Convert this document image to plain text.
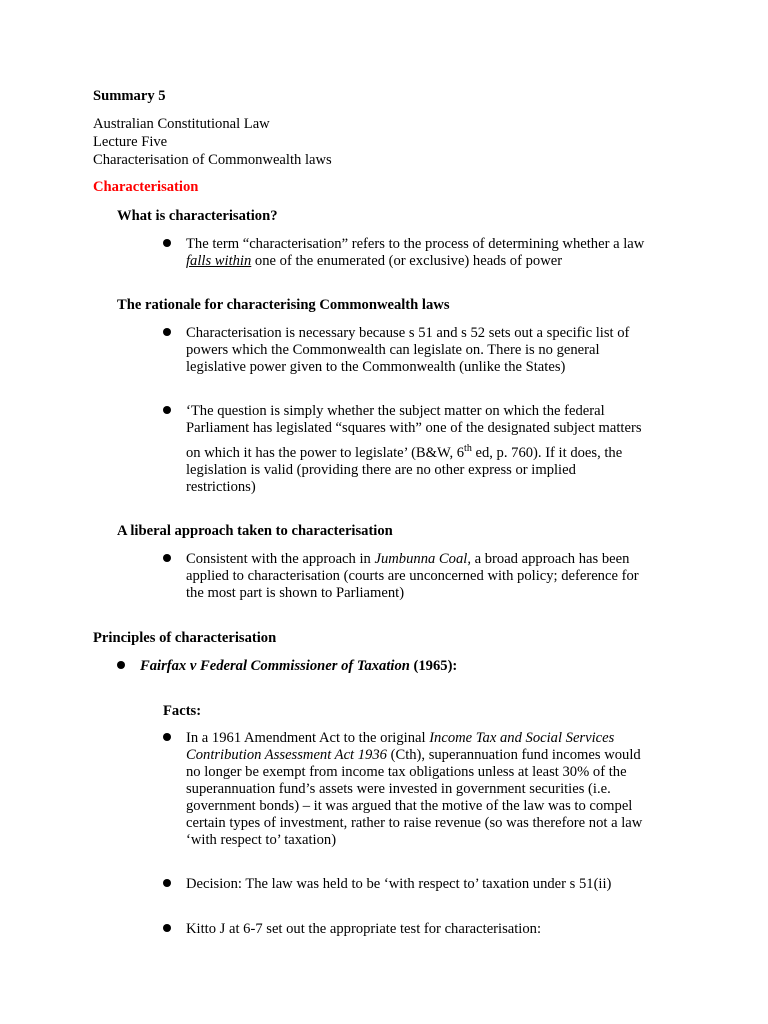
Summary 5
Australian Constitutional Law
Lecture Five
Characterisation of Commonwealth laws
Characterisation
What is characterisation?
The term “characterisation” refers to the process of determining whether a law
falls within one of the enumerated (or exclusive) heads of power
The rationale for characterising Commonwealth laws
Characterisation is necessary because s 51 and s 52 sets out a specific list of
powers which the Commonwealth can legislate on. There is no general
legislative power given to the Commonwealth (unlike the States)
‘The question is simply whether the subject matter on which the federal
Parliament has legislated “squares with” one of the designated subject matters
on which it has the power to legislate’ (B&W, 6th ed, p. 760). If it does, the
legislation is valid (providing there are no other express or implied
restrictions)
A liberal approach taken to characterisation
Consistent with the approach in Jumbunna Coal, a broad approach has been
applied to characterisation (courts are unconcerned with policy; deference for
the most part is shown to Parliament)
Principles of characterisation
Fairfax v Federal Commissioner of Taxation (1965):
Facts:
In a 1961 Amendment Act to the original Income Tax and Social Services
Contribution Assessment Act 1936 (Cth), superannuation fund incomes would
no longer be exempt from income tax obligations unless at least 30% of the
superannuation fund’s assets were invested in government securities (i.e.
government bonds) – it was argued that the motive of the law was to compel
certain types of investment, rather to raise revenue (so was therefore not a law
‘with respect to’ taxation)
Decision: The law was held to be ‘with respect to’ taxation under s 51(ii)
Kitto J at 6-7 set out the appropriate test for characterisation:
